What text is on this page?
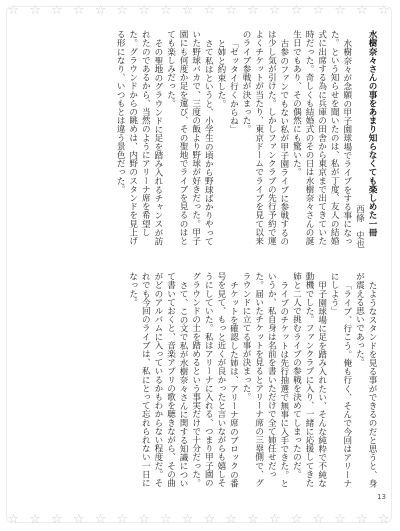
☆ ☆ ☆ ☆ ☆ ☆ ☆ ☆ ☆ ☆ ☆ ☆ ☆ ☆ ☆ ☆ ☆ ☆

水樹奈々さんの事をあまり知らなくても楽しめた一冊

西條　史也

水樹奈々が念願の甲子園球場でライブをする事になった。という知らせを聞いたのは、私が丁度、友人の結婚式に出席する為に兵庫の田舎から東京まで出てきていた時だった。奇しくも結婚式のその日は水樹奈々さんの誕生日でもあり、その偶然にも驚いた。

古参のファンでもない私が甲子園ライブに参戦するのは少し気が引けた。しかしファンクラブの先行予約で運よくチケットが当たり、東京ドームでライブを見て以来のライブ参戦が決まった。

「ゼッタイ行くからね」

と姉と約束した。

さて私はというと、小学生の頃から野球ばかりやっていた野球バカで、三度の飯より野球が好きだった。甲子園にも何度か足を運び、その聖地でライブを見るのはとても楽しみだった。

その聖地のグラウンドに足を踏み入れるチャンスが訪れたのであるから、当然のようにアリーナ席を希望した。グラウンドからの眺めは、内野のスタンドを見上げる形になり、いつもとは違う景色だった。

たようなスタンドを見る事ができるのだと思うと、身が震える思いであった。

「ライブ、行こう。俺も行く、そんで今回はアリーナにしよう」

甲子園球場に足を踏み入れたい、そんな純粋で不純な動機でした。ファンクラブに入り、一緒に応援してきた姉と二人で挑むライブの参戦を決めてしまったのだ。

ライブのチケットは先行抽選で無事に入手できた。というか、私自身は名前を書いただけで全て姉任せだった。届いたチケットを見るとアリーナ席の三塁側で、グラウンドに立てる事が決まった。

チケットを確認した姉は、アリーナ席のブロックの番号を見て、もっと近くが良かったと言いながらも嬉しそうにしていた。私はアリーナに入れる、つまり甲子園のグラウンドの土を踏めるという事実だけで十分だった。

さて、この文で私が水樹奈々さんに関する知識について書いておくと、音楽アプリの歌を聴きながら、その曲がどのアルバムに入っているかもわからない程度だ。それでも今回のライブは、私にとって忘れられない一日になった。

13
☆ ☆ ☆ ☆ ☆ ☆ ☆ ☆ ☆ ☆ ☆ ☆ ☆ ☆ ☆ ☆ ☆ ☆
